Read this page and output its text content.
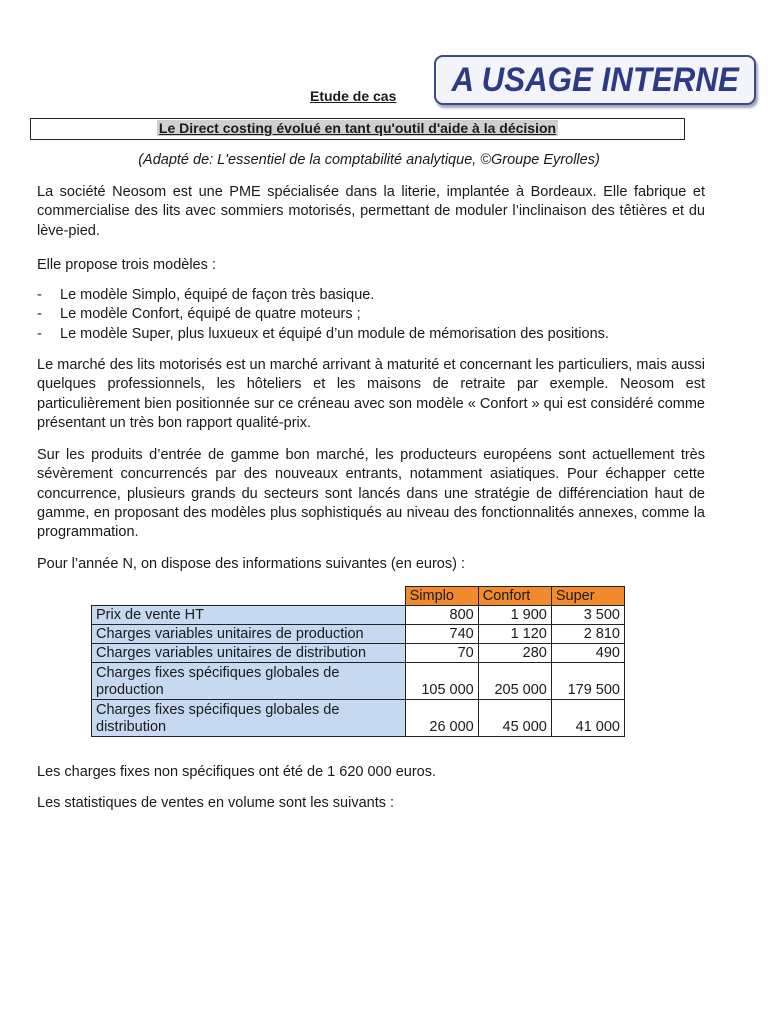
Etude de cas	A USAGE INTERNE
Le Direct costing évolué en tant qu'outil d'aide à la décision
(Adapté de: L'essentiel de la comptabilité analytique, ©Groupe Eyrolles)

La société Neosom est une PME spécialisée dans la literie, implantée à Bordeaux. Elle fabrique et commercialise des lits avec sommiers motorisés, permettant de moduler l’inclinaison des têtières et du lève-pied.

Elle propose trois modèles :

- Le modèle Simplo, équipé de façon très basique.
- Le modèle Confort, équipé de quatre moteurs ;
- Le modèle Super, plus luxueux et équipé d’un module de mémorisation des positions.

Le marché des lits motorisés est un marché arrivant à maturité et concernant les particuliers, mais aussi quelques professionnels, les hôteliers et les maisons de retraite par exemple. Neosom est particulièrement bien positionnée sur ce créneau avec son modèle « Confort » qui est considéré comme présentant un très bon rapport qualité-prix.

Sur les produits d’entrée de gamme bon marché, les producteurs européens sont actuellement très sévèrement concurrencés par des nouveaux entrants, notamment asiatiques. Pour échapper cette concurrence, plusieurs grands du secteurs sont lancés dans une stratégie de différenciation haut de gamme, en proposant des modèles plus sophistiqués au niveau des fonctionnalités annexes, comme la programmation.

Pour l’année N, on dispose des informations suivantes (en euros) :

	Simplo	Confort	Super
Prix de vente HT	800	1 900	3 500
Charges variables unitaires de production	740	1 120	2 810
Charges variables unitaires de distribution	70	280	490

Charges fixes spécifiques globales de
production	105 000	205 000	179 500

Charges fixes spécifiques globales de
distribution	26 000	45 000	41 000

Les charges fixes non spécifiques ont été de 1 620 000 euros.

Les statistiques de ventes en volume sont les suivants :
